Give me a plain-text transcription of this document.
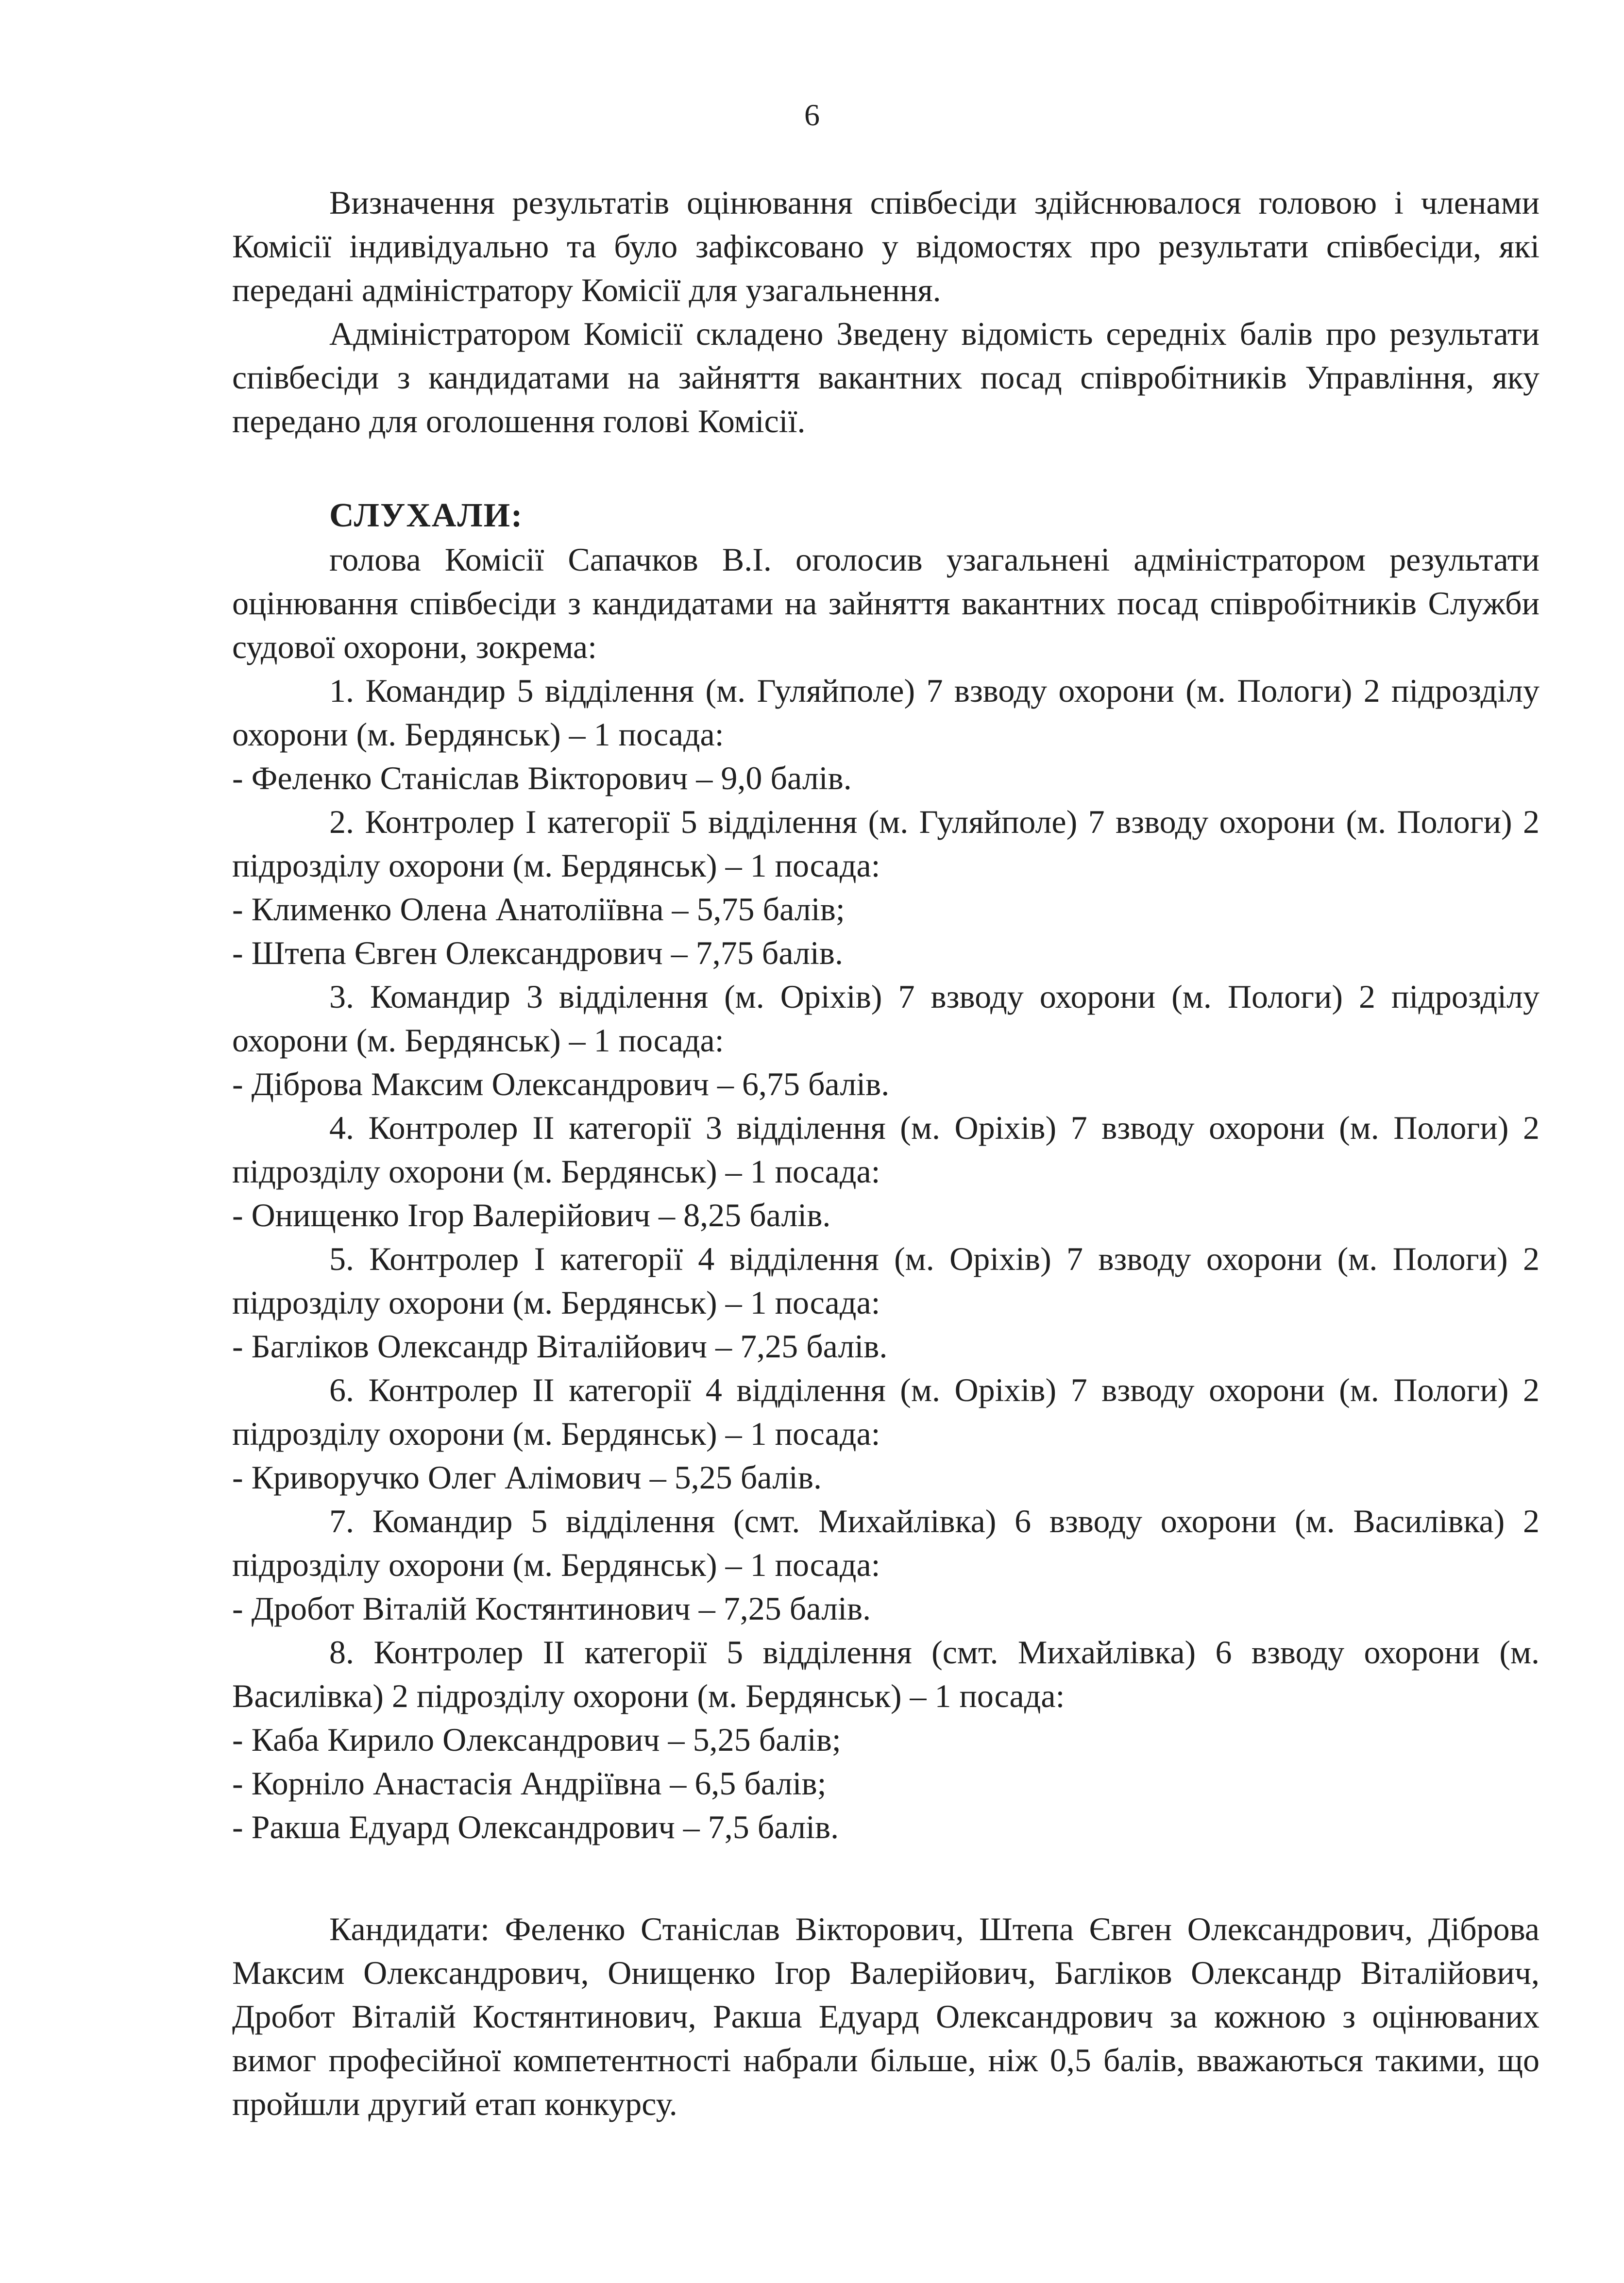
6

Визначення результатів оцінювання співбесіди здійснювалося головою і членами Комісії індивідуально та було зафіксовано у відомостях про результати співбесіди, які передані адміністратору Комісії для узагальнення.

Адміністратором Комісії складено Зведену відомість середніх балів про результати співбесіди з кандидатами на зайняття вакантних посад співробітників Управління, яку передано для оголошення голові Комісії.

СЛУХАЛИ:

голова Комісії Сапачков В.І. оголосив узагальнені адміністратором результати оцінювання співбесіди з кандидатами на зайняття вакантних посад співробітників Служби судової охорони, зокрема:

1. Командир 5 відділення (м. Гуляйполе) 7 взводу охорони (м. Пологи) 2 підрозділу охорони (м. Бердянськ) – 1 посада:

- Феленко Станіслав Вікторович – 9,0 балів.

2. Контролер І категорії 5 відділення (м. Гуляйполе) 7 взводу охорони (м. Пологи) 2 підрозділу охорони (м. Бердянськ) – 1 посада:

- Клименко Олена Анатоліївна – 5,75 балів;

- Штепа Євген Олександрович – 7,75 балів.

3. Командир 3 відділення (м. Оріхів) 7 взводу охорони (м. Пологи) 2 підрозділу охорони (м. Бердянськ) – 1 посада:

- Діброва Максим Олександрович – 6,75 балів.

4. Контролер ІІ категорії 3 відділення (м. Оріхів) 7 взводу охорони (м. Пологи) 2 підрозділу охорони (м. Бердянськ) – 1 посада:

- Онищенко Ігор Валерійович – 8,25 балів.

5. Контролер І категорії 4 відділення (м. Оріхів) 7 взводу охорони (м. Пологи) 2 підрозділу охорони (м. Бердянськ) – 1 посада:

- Багліков Олександр Віталійович – 7,25 балів.

6. Контролер ІІ категорії 4 відділення (м. Оріхів) 7 взводу охорони (м. Пологи) 2 підрозділу охорони (м. Бердянськ) – 1 посада:

- Криворучко Олег Алімович – 5,25 балів.

7. Командир 5 відділення (смт. Михайлівка) 6 взводу охорони (м. Василівка) 2 підрозділу охорони (м. Бердянськ) – 1 посада:

- Дробот Віталій Костянтинович – 7,25 балів.

8. Контролер ІІ категорії 5 відділення (смт. Михайлівка) 6 взводу охорони (м. Василівка) 2 підрозділу охорони (м. Бердянськ) – 1 посада:

- Каба Кирило Олександрович – 5,25 балів;

- Корніло Анастасія Андріївна – 6,5 балів;

- Ракша Едуард Олександрович – 7,5 балів.

Кандидати: Феленко Станіслав Вікторович, Штепа Євген Олександрович, Діброва Максим Олександрович, Онищенко Ігор Валерійович, Багліков Олександр Віталійович, Дробот Віталій Костянтинович, Ракша Едуард Олександрович за кожною з оцінюваних вимог професійної компетентності набрали більше, ніж 0,5 балів, вважаються такими, що пройшли другий етап конкурсу.
